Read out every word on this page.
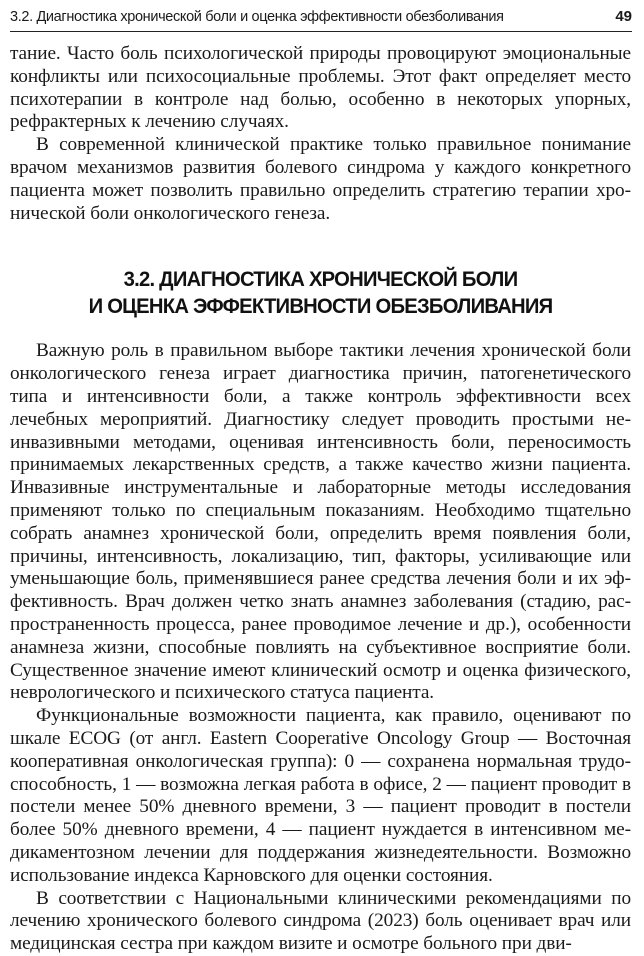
3.2. Диагностика хронической боли и оценка эффективности обезболивания	49

тание. Часто боль психологической природы провоцируют эмоциональные конфликты или психосоциальные проблемы. Этот факт определяет место психотерапии в контроле над болью, особенно в некоторых упорных, рефрактерных к лечению случаях.

В современной клинической практике только правильное понимание врачом механизмов развития болевого синдрома у каждого конкретного пациента может позволить правильно определить стратегию терапии хронической боли онкологического генеза.

3.2. ДИАГНОСТИКА ХРОНИЧЕСКОЙ БОЛИ
И ОЦЕНКА ЭФФЕКТИВНОСТИ ОБЕЗБОЛИВАНИЯ

Важную роль в правильном выборе тактики лечения хронической боли онкологического генеза играет диагностика причин, патогенетического типа и интенсивности боли, а также контроль эффективности всех лечебных мероприятий. Диагностику следует проводить простыми неинвазивными методами, оценивая интенсивность боли, переносимость принимаемых лекарственных средств, а также качество жизни пациента. Инвазивные инструментальные и лабораторные методы исследования применяют только по специальным показаниям. Необходимо тщательно собрать анамнез хронической боли, определить время появления боли, причины, интенсивность, локализацию, тип, факторы, усиливающие или уменьшающие боль, применявшиеся ранее средства лечения боли и их эффективность. Врач должен четко знать анамнез заболевания (стадию, распространенность процесса, ранее проводимое лечение и др.), особенности анамнеза жизни, способные повлиять на субъективное восприятие боли. Существенное значение имеют клинический осмотр и оценка физического, неврологического и психического статуса пациента.

Функциональные возможности пациента, как правило, оценивают по шкале ECOG (от англ. Eastern Cooperative Oncology Group — Восточная кооперативная онкологическая группа): 0 — сохранена нормальная трудоспособность, 1 — возможна легкая работа в офисе, 2 — пациент проводит в постели менее 50% дневного времени, 3 — пациент проводит в постели более 50% дневного времени, 4 — пациент нуждается в интенсивном медикаментозном лечении для поддержания жизнедеятельности. Возможно использование индекса Карновского для оценки состояния.

В соответствии с Национальными клиническими рекомендациями по лечению хронического болевого синдрома (2023) боль оценивает врач или медицинская сестра при каждом визите и осмотре больного при дви-
